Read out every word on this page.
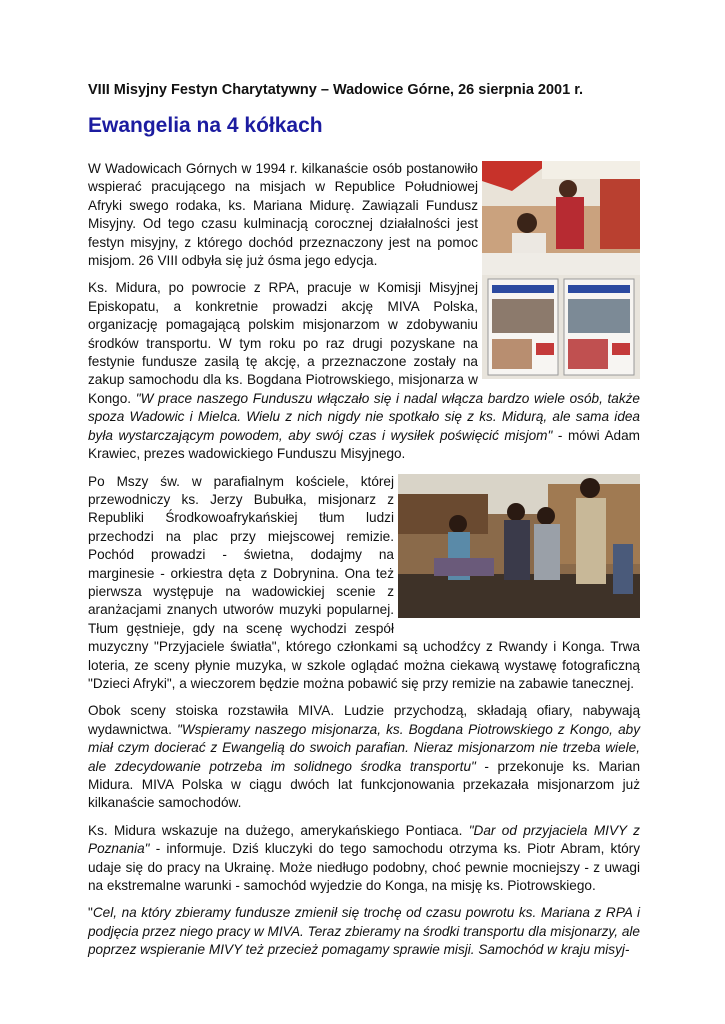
VIII Misyjny Festyn Charytatywny – Wadowice Górne, 26 sierpnia 2001 r.
Ewangelia na 4 kółkach

W Wadowicach Górnych w 1994 r. kilkanaście osób postanowiło wspierać pracującego na misjach w Republice Południowej Afryki swego rodaka, ks. Mariana Midurę. Zawiązali Fundusz Misyjny. Od tego czasu kulminacją corocznej działalności jest festyn misyjny, z którego dochód przeznaczony jest na pomoc misjom. 26 VIII odbyła się już ósma jego edycja.

Ks. Midura, po powrocie z RPA, pracuje w Komisji Misyjnej Episkopatu, a konkretnie prowadzi akcję MIVA Polska, organizację pomagającą polskim misjonarzom w zdobywaniu środków transportu. W tym roku po raz drugi pozyskane na festynie fundusze zasilą tę akcję, a przeznaczone zostały na zakup samochodu dla ks. Bogdana Piotrowskiego, misjonarza w Kongo. "W prace naszego Funduszu włączało się i nadal włącza bardzo wiele osób, także spoza Wadowic i Mielca. Wielu z nich nigdy nie spotkało się z ks. Midurą, ale sama idea była wystarczającym powodem, aby swój czas i wysiłek poświęcić misjom" - mówi Adam Krawiec, prezes wadowickiego Funduszu Misyjnego.

Po Mszy św. w parafialnym kościele, której przewodniczy ks. Jerzy Bubułka, misjonarz z Republiki Środkowoafrykańskiej tłum ludzi przechodzi na plac przy miejscowej remizie. Pochód prowadzi - świetna, dodajmy na marginesie - orkiestra dęta z Dobrynina. Ona też pierwsza występuje na wadowickiej scenie z aranżacjami znanych utworów muzyki popularnej. Tłum gęstnieje, gdy na scenę wychodzi zespół muzyczny "Przyjaciele światła", którego członkami są uchodźcy z Rwandy i Konga. Trwa loteria, ze sceny płynie muzyka, w szkole oglądać można ciekawą wystawę fotograficzną "Dzieci Afryki", a wieczorem będzie można pobawić się przy remizie na zabawie tanecznej.

Obok sceny stoiska rozstawiła MIVA. Ludzie przychodzą, składają ofiary, nabywają wydawnictwa. "Wspieramy naszego misjonarza, ks. Bogdana Piotrowskiego z Kongo, aby miał czym docierać z Ewangelią do swoich parafian. Nieraz misjonarzom nie trzeba wiele, ale zdecydowanie potrzeba im solidnego środka transportu" - przekonuje ks. Marian Midura. MIVA Polska w ciągu dwóch lat funkcjonowania przekazała misjonarzom już kilkanaście samochodów.

Ks. Midura wskazuje na dużego, amerykańskiego Pontiaca. "Dar od przyjaciela MIVY z Poznania" - informuje. Dziś kluczyki do tego samochodu otrzyma ks. Piotr Abram, który udaje się do pracy na Ukrainę. Może niedługo podobny, choć pewnie mocniejszy - z uwagi na ekstremalne warunki - samochód wyjedzie do Konga, na misję ks. Piotrowskiego.

"Cel, na który zbieramy fundusze zmienił się trochę od czasu powrotu ks. Mariana z RPA i podjęcia przez niego pracy w MIVA. Teraz zbieramy na środki transportu dla misjonarzy, ale poprzez wspieranie MIVY też przecież pomagamy sprawie misji. Samochód w kraju misyj-
